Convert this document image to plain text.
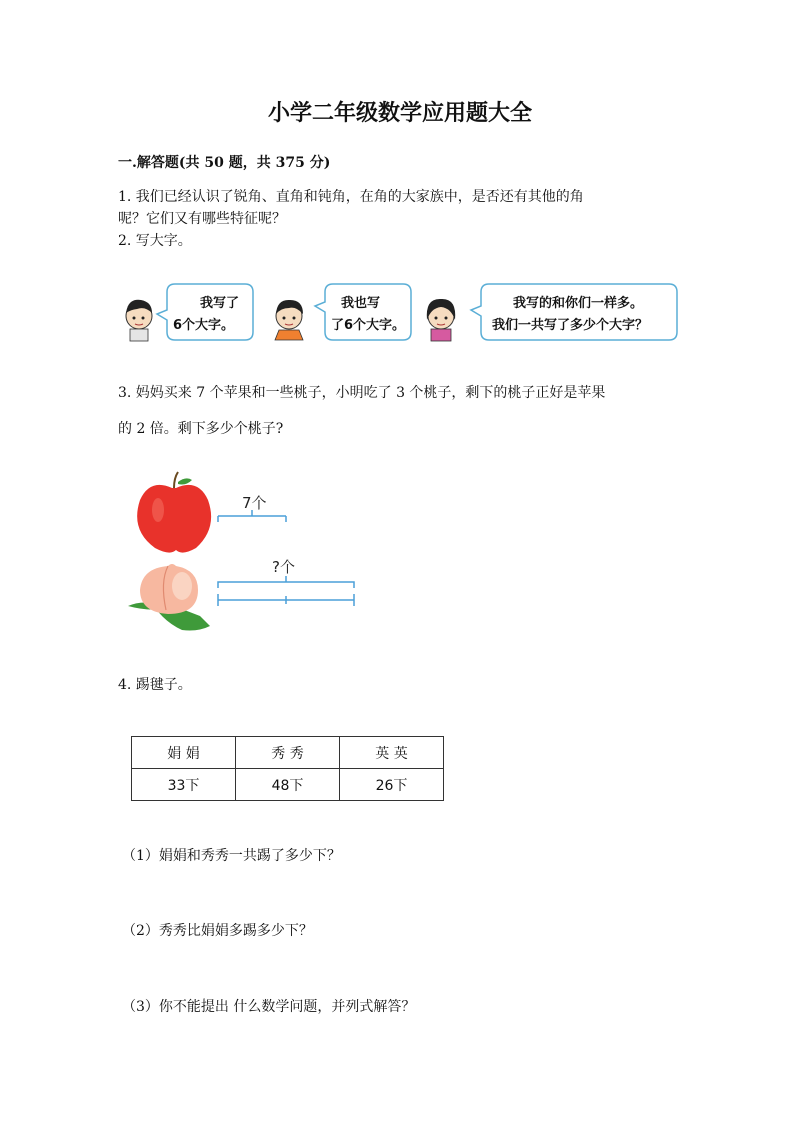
小学二年级数学应用题大全
一.解答题(共 50 题，共 375 分)
1. 我们已经认识了锐角、直角和钝角，在角的大家族中，是否还有其他的角
呢？它们又有哪些特征呢？
2. 写大字。
我写了
6个大字。
我也写
了6个大字。
我写的和你们一样多。
我们一共写了多少个大字？
3. 妈妈买来 7 个苹果和一些桃子，小明吃了 3 个桃子，剩下的桃子正好是苹果
的 2 倍。剩下多少个桃子?
7个
?个
4. 踢毽子。
娟 娟	秀 秀	英 英
33下	48下	26下
（1）娟娟和秀秀一共踢了多少下？
（2）秀秀比娟娟多踢多少下？
（3）你不能提出 什么数学问题，并列式解答？
